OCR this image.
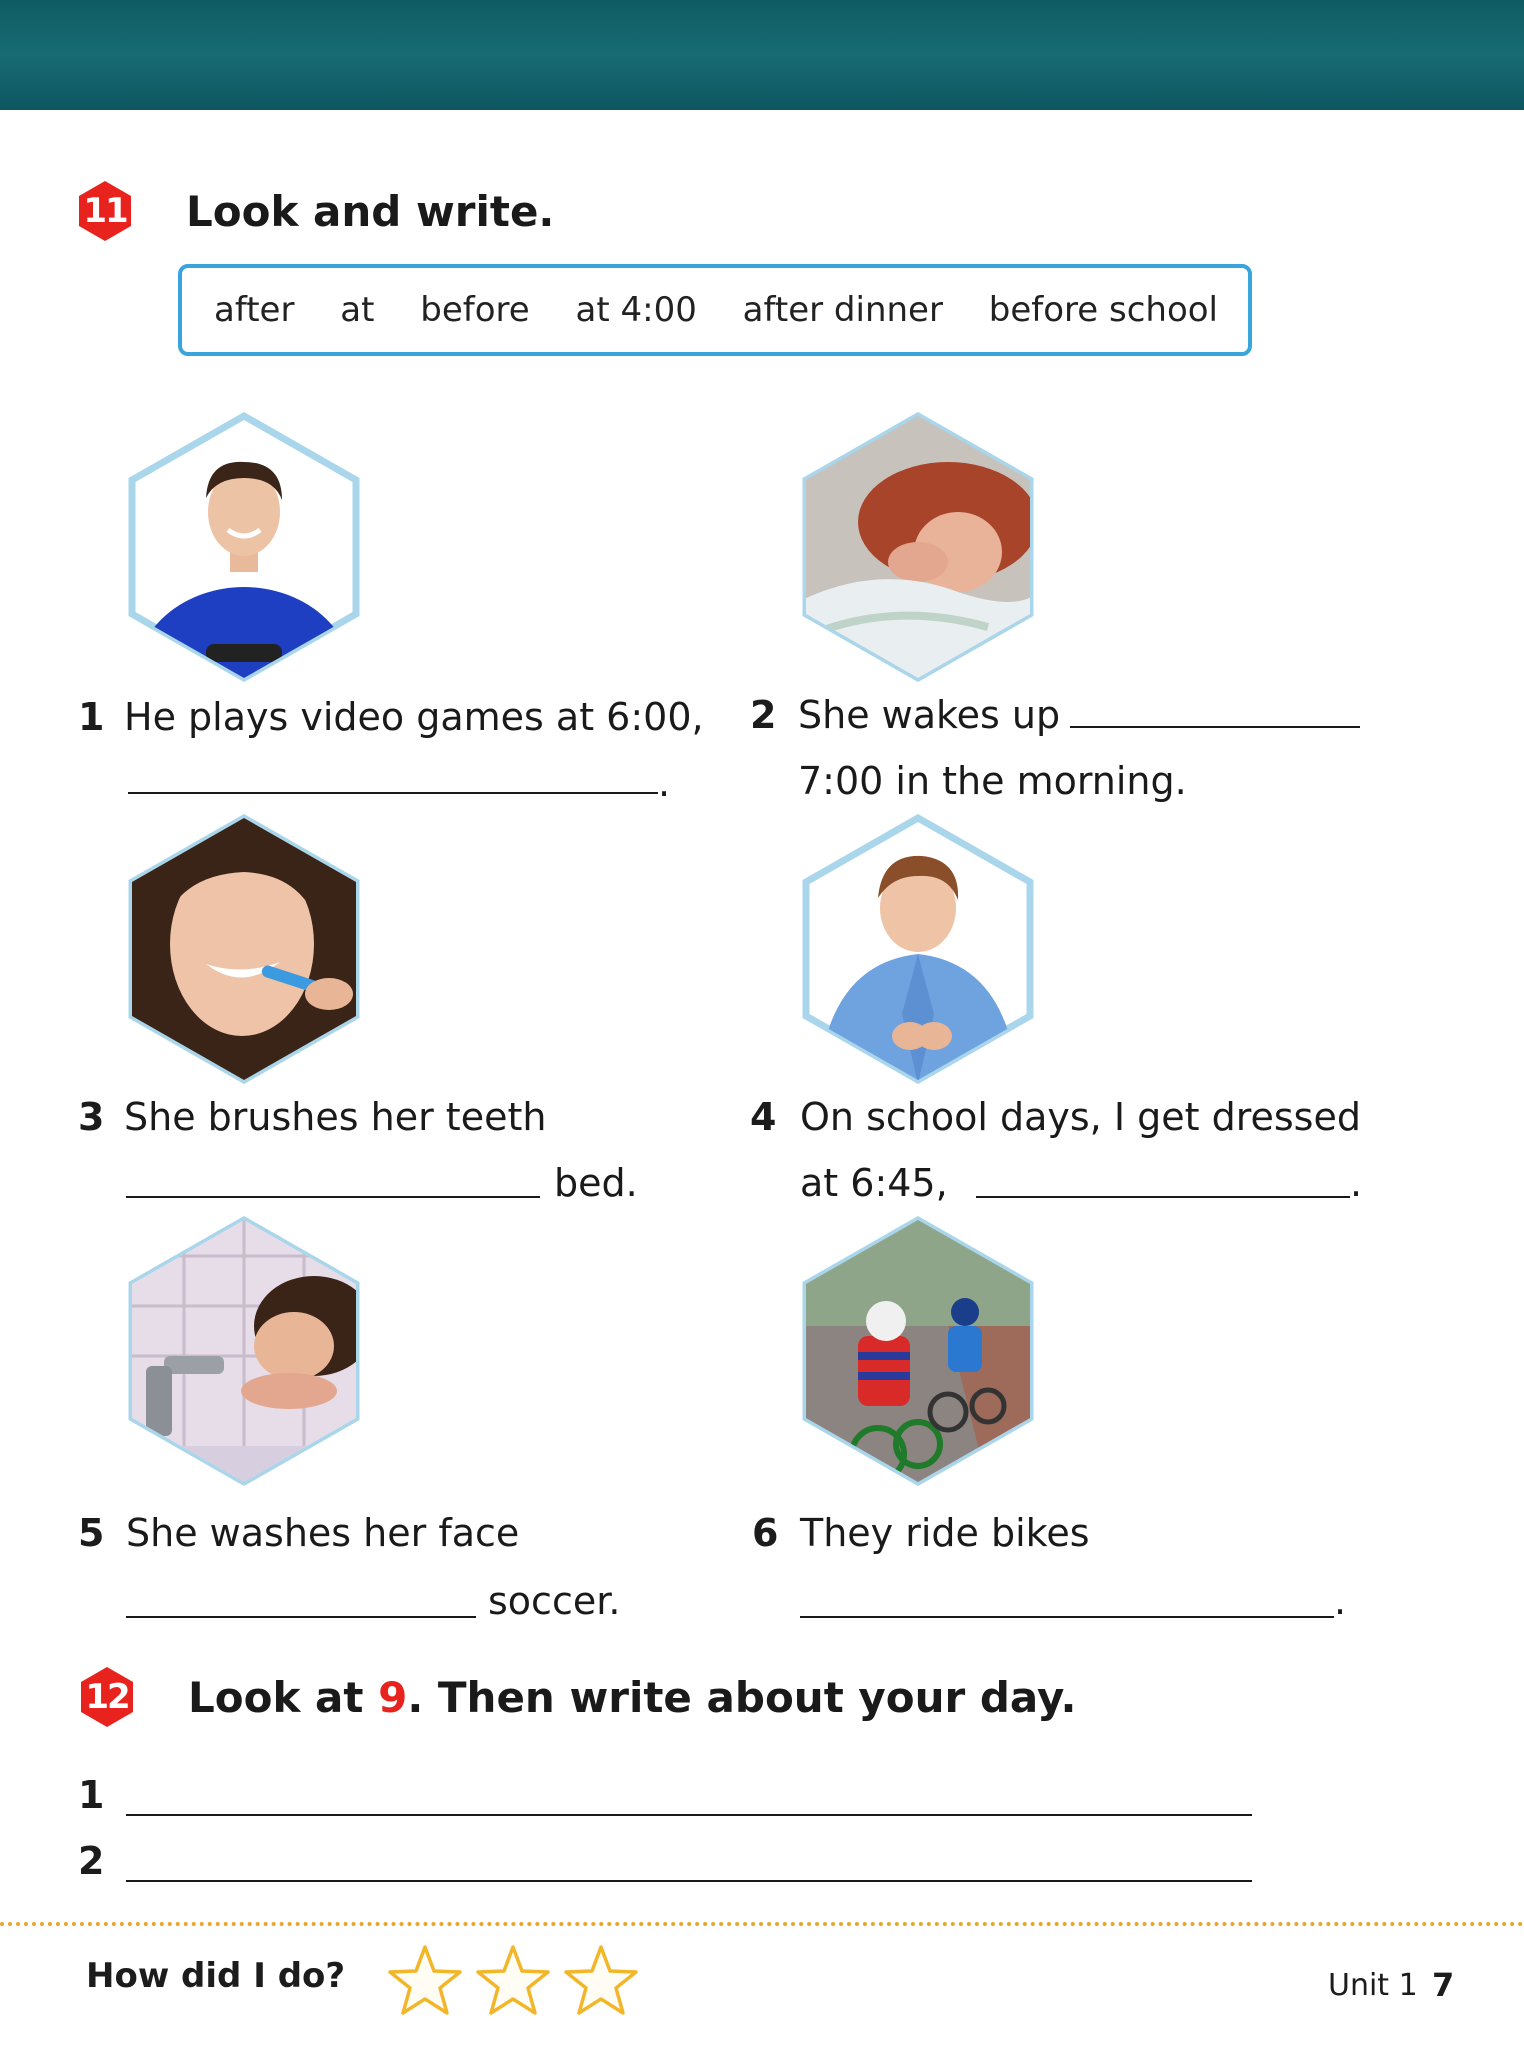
11 Look and write.
after at before at 4:00 after dinner before school
1 He plays video games at 6:00,
.
2 She wakes up
7:00 in the morning.
3 She brushes her teeth
bed.
4 On school days, I get dressed
at 6:45,	.
5 She washes her face
soccer.
6 They ride bikes
.
12 Look at 9. Then write about your day.
1
2
How did I do?	Unit 1 7
